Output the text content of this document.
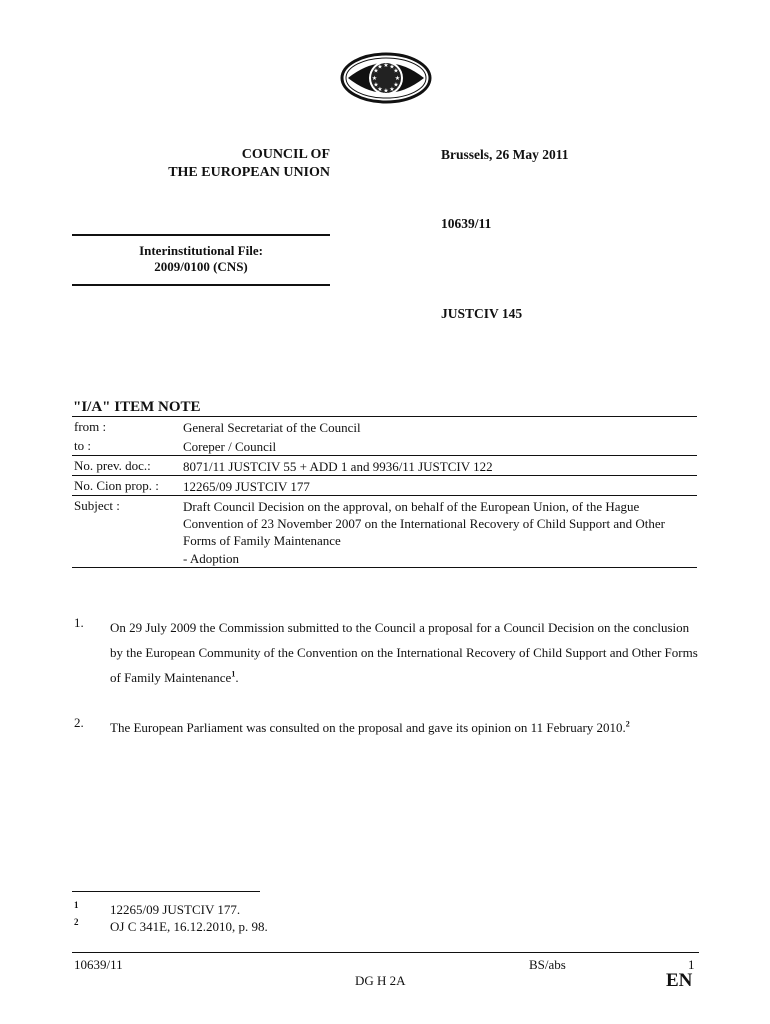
★ ★
★
★
★
★
★
★
★
★
★
★
COUNCIL OF
THE EUROPEAN UNION
Brussels, 26 May 2011
10639/11
JUSTCIV 145
Interinstitutional File:
2009/0100 (CNS)
"I/A" ITEM NOTE
from :	General Secretariat of the Council
to :	Coreper / Council
No. prev. doc.: 8071/11 JUSTCIV 55 + ADD 1 and 9936/11 JUSTCIV 122
No. Cion prop. : 12265/09 JUSTCIV 177
Subject :	Draft Council Decision on the approval, on behalf of the European Union, of the Hague Convention of 23 November 2007 on the International Recovery of Child Support and Other Forms of Family Maintenance
- Adoption
1. On 29 July 2009 the Commission submitted to the Council a proposal for a Council Decision on the conclusion by the European Community of the Convention on the International Recovery of Child Support and Other Forms of Family Maintenance$^1$.
2. The European Parliament was consulted on the proposal and gave its opinion on 11 February 2010.$^2$
1 12265/09 JUSTCIV 177.
2 OJ C 341E, 16.12.2010, p. 98.
10639/11	BS/abs	1
DG H 2A	EN
